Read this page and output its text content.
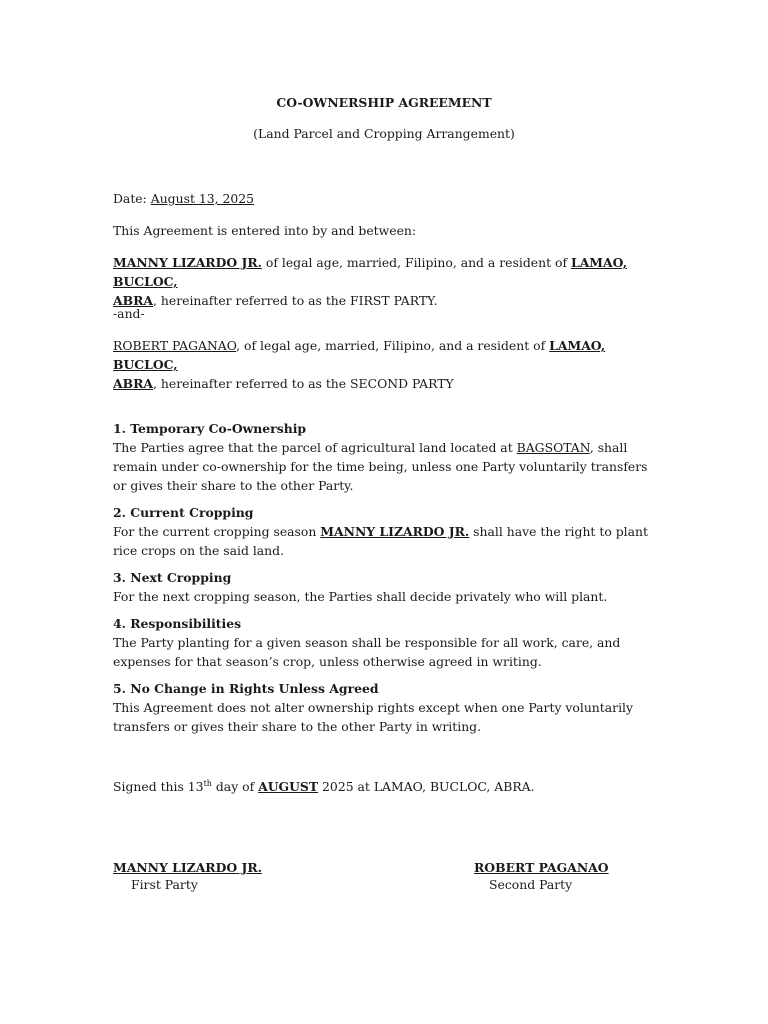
CO-OWNERSHIP AGREEMENT

(Land Parcel and Cropping Arrangement)

Date: August 13, 2025

This Agreement is entered into by and between:

MANNY LIZARDO JR. of legal age, married, Filipino, and a resident of LAMAO, BUCLOC,
ABRA, hereinafter referred to as the FIRST PARTY.

-and-

ROBERT PAGANAO, of legal age, married, Filipino, and a resident of LAMAO, BUCLOC,
ABRA, hereinafter referred to as the SECOND PARTY

1. Temporary Co-Ownership
The Parties agree that the parcel of agricultural land located at BAGSOTAN, shall remain under co-ownership for the time being, unless one Party voluntarily transfers or gives their share to the other Party.
2. Current Cropping
For the current cropping season MANNY LIZARDO JR. shall have the right to plant rice crops on the said land.
3. Next Cropping
For the next cropping season, the Parties shall decide privately who will plant.
4. Responsibilities
The Party planting for a given season shall be responsible for all work, care, and expenses for that season’s crop, unless otherwise agreed in writing.
5. No Change in Rights Unless Agreed
This Agreement does not alter ownership rights except when one Party voluntarily transfers or gives their share to the other Party in writing.

Signed this 13th day of AUGUST 2025 at LAMAO, BUCLOC, ABRA.

MANNY LIZARDO JR.
First Party
ROBERT PAGANAO
Second Party
